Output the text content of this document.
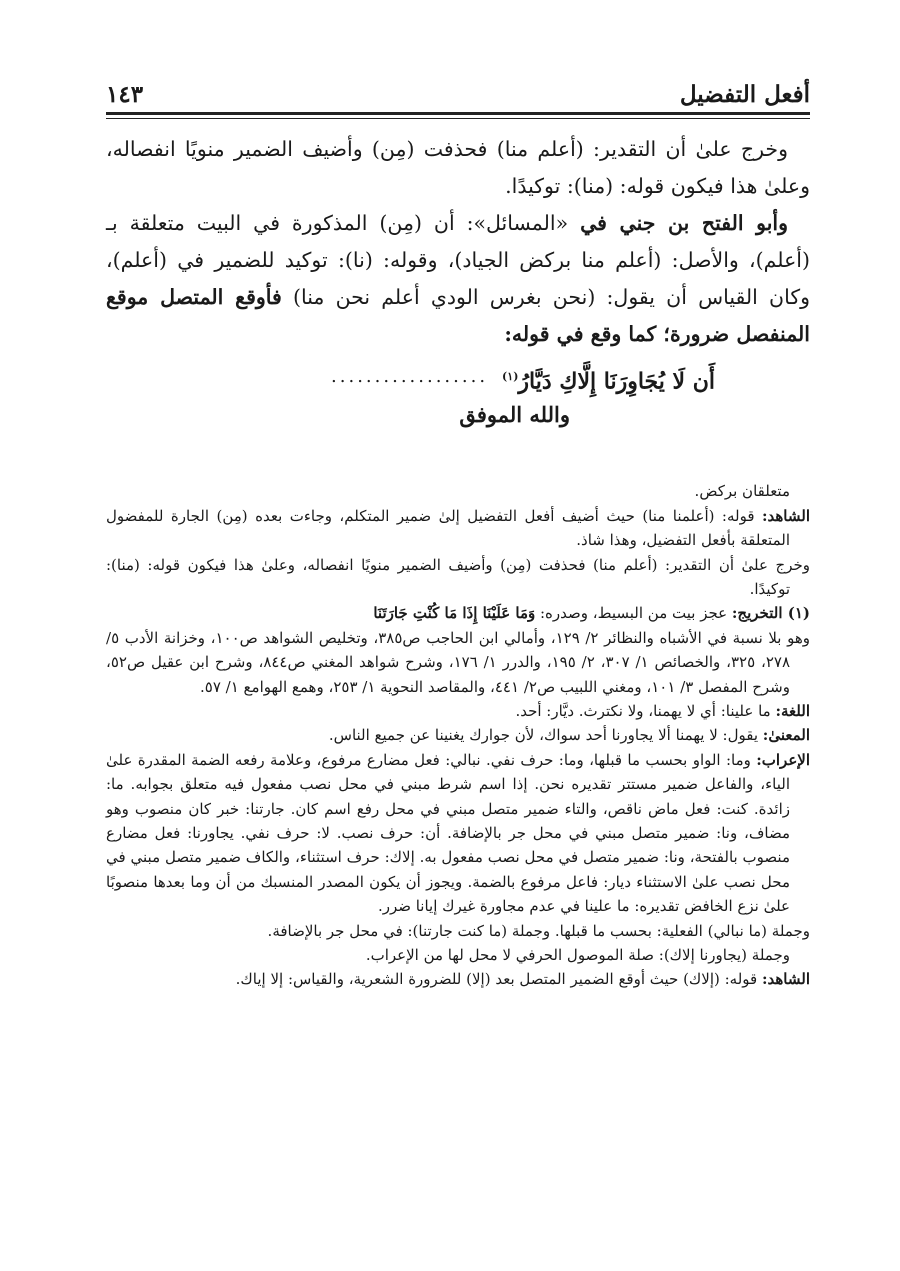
أفعل التفضيل
١٤٣

وخرج علىٰ أن التقدير: (أعلم منا) فحذفت (مِن) وأضيف الضمير منويًا انفصاله، وعلىٰ هذا فيكون قوله: (منا): توكيدًا.

وأبو الفتح بن جني في «المسائل»: أن (مِن) المذكورة في البيت متعلقة بـ (أعلم)، والأصل: (أعلم منا بركض الجياد)، وقوله: (نا): توكيد للضمير في (أعلم)، وكان القياس أن يقول: (نحن بغرس الودي أعلم نحن منا) فأوقع المتصل موقع المنفصل ضرورة؛ كما وقع في قوله:

أَن لَا يُجَاوِرَنَا إِلَّاكِ دَيَّارُ$^{(١)}$
..................
والله الموفق

متعلقان بركض.

الشاهد: قوله: (أعلمنا منا) حيث أضيف أفعل التفضيل إلىٰ ضمير المتكلم، وجاءت بعده (مِن) الجارة للمفضول المتعلقة بأفعل التفضيل، وهذا شاذ.

وخرج علىٰ أن التقدير: (أعلم منا) فحذفت (مِن) وأضيف الضمير منويًا انفصاله، وعلىٰ هذا فيكون قوله: (منا): توكيدًا.

(١) التخريج: عجز بيت من البسيط، وصدره: وَمَا عَلَيْنَا إِذَا مَا كُنْتِ جَارَتَنَا

وهو بلا نسبة في الأشباه والنظائر ٢/ ١٢٩، وأمالي ابن الحاجب ص٣٨٥، وتخليص الشواهد ص١٠٠، وخزانة الأدب ٥/ ٢٧٨، ٣٢٥، والخصائص ١/ ٣٠٧، ٢/ ١٩٥، والدرر ١/ ١٧٦، وشرح شواهد المغني ص٨٤٤، وشرح ابن عقيل ص٥٢، وشرح المفصل ٣/ ١٠١، ومغني اللبيب ص٢/ ٤٤١، والمقاصد النحوية ١/ ٢٥٣، وهمع الهوامع ١/ ٥٧.

اللغة: ما علينا: أي لا يهمنا، ولا نكترث. ديَّار: أحد.

المعنىٰ: يقول: لا يهمنا ألا يجاورنا أحد سواك، لأن جوارك يغنينا عن جميع الناس.

الإعراب: وما: الواو بحسب ما قبلها، وما: حرف نفي. نبالي: فعل مضارع مرفوع، وعلامة رفعه الضمة المقدرة علىٰ الياء، والفاعل ضمير مستتر تقديره نحن. إذا اسم شرط مبني في محل نصب مفعول فيه متعلق بجوابه. ما: زائدة. كنت: فعل ماض ناقص، والتاء ضمير متصل مبني في محل رفع اسم كان. جارتنا: خبر كان منصوب وهو مضاف، ونا: ضمير متصل مبني في محل جر بالإضافة. أن: حرف نصب. لا: حرف نفي. يجاورنا: فعل مضارع منصوب بالفتحة، ونا: ضمير متصل في محل نصب مفعول به. إلاك: حرف استثناء، والكاف ضمير متصل مبني في محل نصب علىٰ الاستثناء ديار: فاعل مرفوع بالضمة. ويجوز أن يكون المصدر المنسبك من أن وما بعدها منصوبًا علىٰ نزع الخافض تقديره: ما علينا في عدم مجاورة غيرك إيانا ضرر.

وجملة (ما نبالي) الفعلية: بحسب ما قبلها. وجملة (ما كنت جارتنا): في محل جر بالإضافة.

وجملة (يجاورنا إلاك): صلة الموصول الحرفي لا محل لها من الإعراب.

الشاهد: قوله: (إلاك) حيث أوقع الضمير المتصل بعد (إلا) للضرورة الشعرية، والقياس: إلا إياك.
